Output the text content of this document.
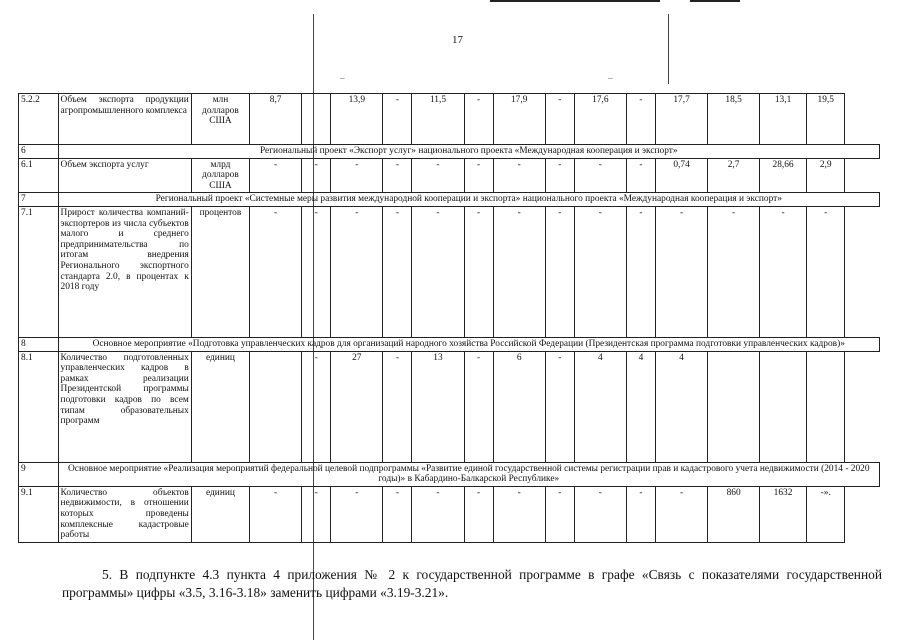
17
_	_
5.2.2	Объем экспорта продукции агропромышленного комплекса	млн долларов США	8,7		13,9	-	11,5	-	17,9	-	17,6	-	17,7	18,5	13,1	19,5
6	Региональный проект «Экспорт услуг» национального проекта «Международная кооперация и экспорт»															
6.1	Объем экспорта услуг	млрд долларов США	-	-	-	-	-	-	-	-	-	-	0,74	2,7	28,66	2,9
7	Региональный проект «Системные меры развития международной кооперации и экспорта» национального проекта «Международная кооперация и экспорт»															
7.1	Прирост количества компаний-экспортеров из числа субъектов малого и среднего предпринимательства по итогам внедрения Регионального экспортного стандарта 2.0, в процентах к 2018 году	процентов	-	-	-	-	-	-	-	-	-	-	-	-	-	-
8	Основное мероприятие «Подготовка управленческих кадров для организаций народного хозяйства Российской Федерации (Президентская программа подготовки управленческих кадров)»															
8.1	Количество подготовленных управленческих кадров в рамках реализации Президентской программы подготовки кадров по всем типам образовательных программ	единиц		-	27	-	13	-	6	-	4	4	4			
9	Основное мероприятие «Реализация мероприятий федеральной целевой подпрограммы «Развитие единой государственной системы регистрации прав и кадастрового учета недвижимости (2014 - 2020 годы)» в Кабардино-Балкарской Республике»															
9.1	Количество объектов недвижимости, в отношении которых проведены комплексные кадастровые работы	единиц	-	-	-	-	-	-	-	-	-	-	-	860	1632	-».
5. В подпункте 4.3 пункта 4 приложения № 2 к государственной программе в графе «Связь с показателями государственной программы» цифры «3.5, 3.16-3.18» заменить цифрами «3.19-3.21».
